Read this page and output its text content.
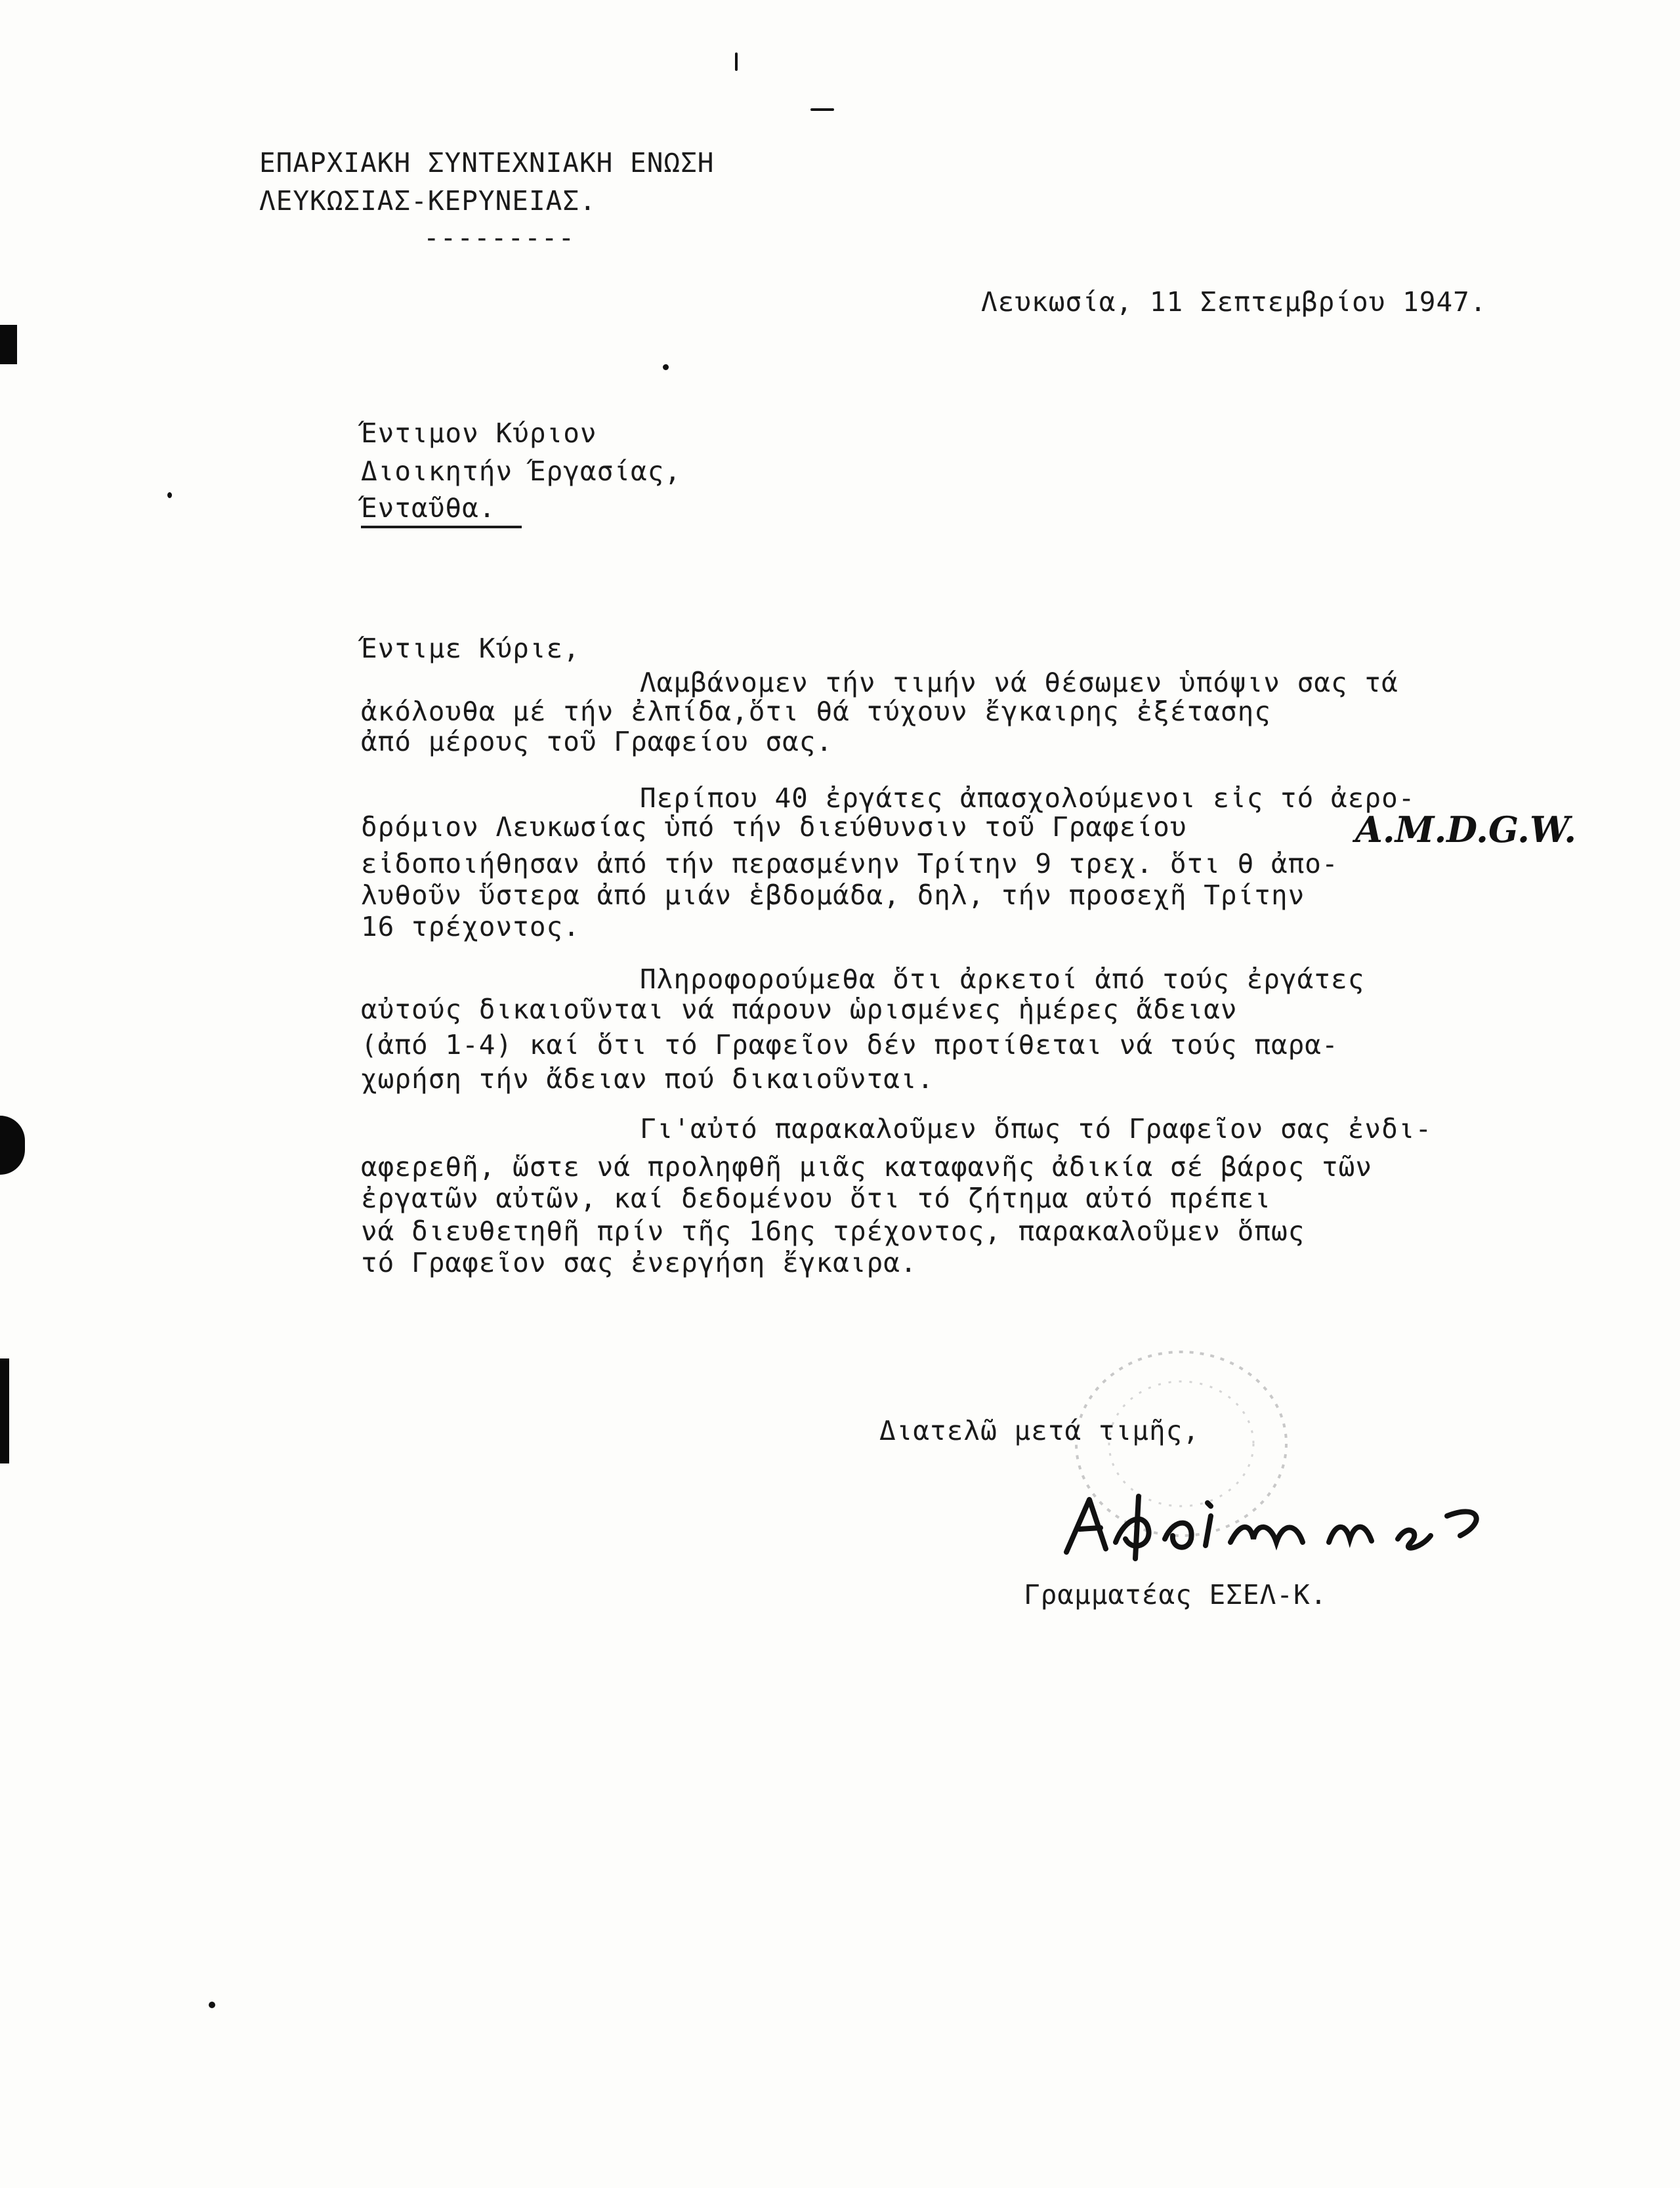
ΕΠΑΡΧΙΑΚΗ ΣΥΝΤΕΧΝΙΑΚΗ ΕΝΩΣΗ
ΛΕΥΚΩΣΙΑΣ-ΚΕΡΥΝΕΙΑΣ.
---------
Λευκωσία, 11 Σεπτεμβρίου 1947.
Έντιμον Κύριον
Διοικητήν Έργασίας,
Ένταῦθα.
Έντιμε Κύριε,
Λαμβάνομεν τήν τιμήν νά θέσωμεν ὑπόψιν σας τά
ἀκόλουθα μέ τήν ἐλπίδα,ὅτι θά τύχουν ἔγκαιρης ἐξέτασης
ἀπό μέρους τοῦ Γραφείου σας.
Περίπου 40 ἐργάτες ἀπασχολούμενοι εἰς τό ἀερο-
δρόμιον Λευκωσίας ὑπό τήν διεύθυνσιν τοῦ Γραφείου	A.M.D.G.W.
εἰδοποιήθησαν ἀπό τήν περασμένην Τρίτην 9 τρεχ. ὅτι θ ἀπο-
λυθοῦν ὕστερα ἀπό μιάν ἑβδομάδα, δηλ, τήν προσεχῆ Τρίτην
16 τρέχοντος.
Πληροφορούμεθα ὅτι ἀρκετοί ἀπό τούς ἐργάτες
αὐτούς δικαιοῦνται νά πάρουν ὡρισμένες ἡμέρες ἄδειαν
(ἀπό 1-4) καί ὅτι τό Γραφεῖον δέν προτίθεται νά τούς παρα-
χωρήση τήν ἄδειαν πού δικαιοῦνται.
Γι'αὐτό παρακαλοῦμεν ὅπως τό Γραφεῖον σας ἐνδι-
αφερεθῆ, ὥστε νά προληφθῆ μιᾶς καταφανῆς ἀδικία σέ βάρος τῶν
ἐργατῶν αὐτῶν, καί δεδομένου ὅτι τό ζήτημα αὐτό πρέπει
νά διευθετηθῆ πρίν τῆς 16ης τρέχοντος, παρακαλοῦμεν ὅπως
τό Γραφεῖον σας ἐνεργήση ἔγκαιρα.
Διατελῶ μετά τιμῆς,
Γραμματέας ΕΣΕΛ-Κ.
